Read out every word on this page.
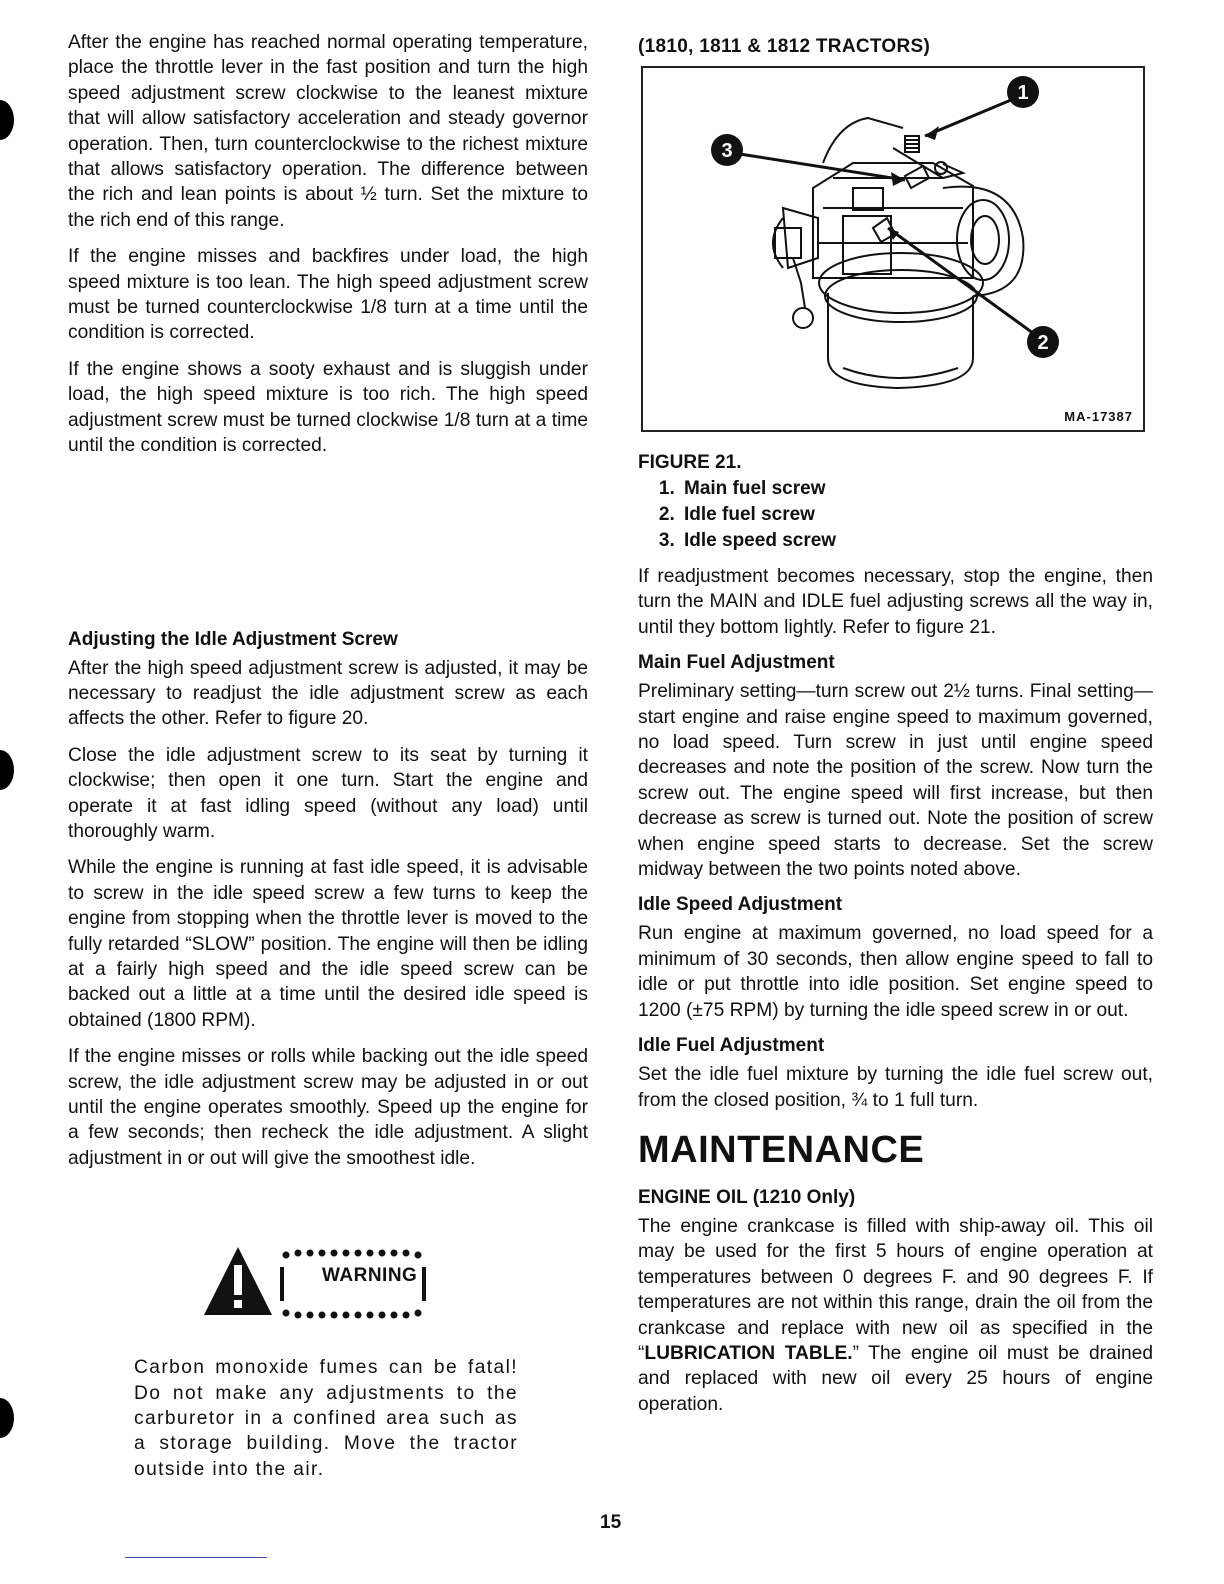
After the engine has reached normal operating temperature, place the throttle lever in the fast position and turn the high speed adjustment screw clockwise to the leanest mixture that will allow satisfactory acceleration and steady governor operation. Then, turn counterclockwise to the richest mixture that allows satisfactory operation. The difference between the rich and lean points is about ½ turn. Set the mixture to the rich end of this range.

If the engine misses and backfires under load, the high speed mixture is too lean. The high speed adjustment screw must be turned counterclockwise 1/8 turn at a time until the condition is corrected.

If the engine shows a sooty exhaust and is sluggish under load, the high speed mixture is too rich. The high speed adjustment screw must be turned clockwise 1/8 turn at a time until the condition is corrected.

Adjusting the Idle Adjustment Screw

After the high speed adjustment screw is adjusted, it may be necessary to readjust the idle adjustment screw as each affects the other. Refer to figure 20.

Close the idle adjustment screw to its seat by turning it clockwise; then open it one turn. Start the engine and operate it at fast idling speed (without any load) until thoroughly warm.

While the engine is running at fast idle speed, it is advisable to screw in the idle speed screw a few turns to keep the engine from stopping when the throttle lever is moved to the fully retarded “SLOW” position. The engine will then be idling at a fairly high speed and the idle speed screw can be backed out a little at a time until the desired idle speed is obtained (1800 RPM).

If the engine misses or rolls while backing out the idle speed screw, the idle adjustment screw may be adjusted in or out until the engine operates smoothly. Speed up the engine for a few seconds; then recheck the idle adjustment. A slight adjustment in or out will give the smoothest idle.

WARNING

Carbon monoxide fumes can be fatal! Do not make any adjustments to the carburetor in a confined area such as a storage building. Move the tractor outside into the air.

(1810, 1811 & 1812 TRACTORS)
1
2
3
MA-17387
FIGURE 21.
1. Main fuel screw
2. Idle fuel screw
3. Idle speed screw

If readjustment becomes necessary, stop the engine, then turn the MAIN and IDLE fuel adjusting screws all the way in, until they bottom lightly. Refer to figure 21.

Main Fuel Adjustment

Preliminary setting—turn screw out 2½ turns. Final setting—start engine and raise engine speed to maximum governed, no load speed. Turn screw in just until engine speed decreases and note the position of the screw. Now turn the screw out. The engine speed will first increase, but then decrease as screw is turned out. Note the position of screw when engine speed starts to decrease. Set the screw midway between the two points noted above.

Idle Speed Adjustment

Run engine at maximum governed, no load speed for a minimum of 30 seconds, then allow engine speed to fall to idle or put throttle into idle position. Set engine speed to 1200 (±75 RPM) by turning the idle speed screw in or out.

Idle Fuel Adjustment

Set the idle fuel mixture by turning the idle fuel screw out, from the closed position, ¾ to 1 full turn.

MAINTENANCE
ENGINE OIL (1210 Only)

The engine crankcase is filled with ship-away oil. This oil may be used for the first 5 hours of engine operation at temperatures between 0 degrees F. and 90 degrees F. If temperatures are not within this range, drain the oil from the crankcase and replace with new oil as specified in the “LUBRICATION TABLE.” The engine oil must be drained and replaced with new oil every 25 hours of engine operation.

15
